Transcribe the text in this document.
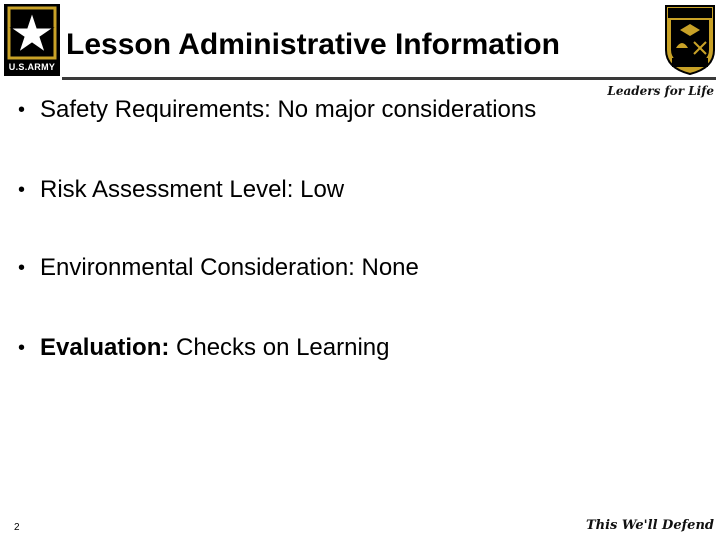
U.S.ARMY
Lesson Administrative Information
Leaders for Life
• Safety Requirements: No major considerations
• Risk Assessment Level: Low
• Environmental Consideration: None
• Evaluation: Checks on Learning
2	This We'll Defend
